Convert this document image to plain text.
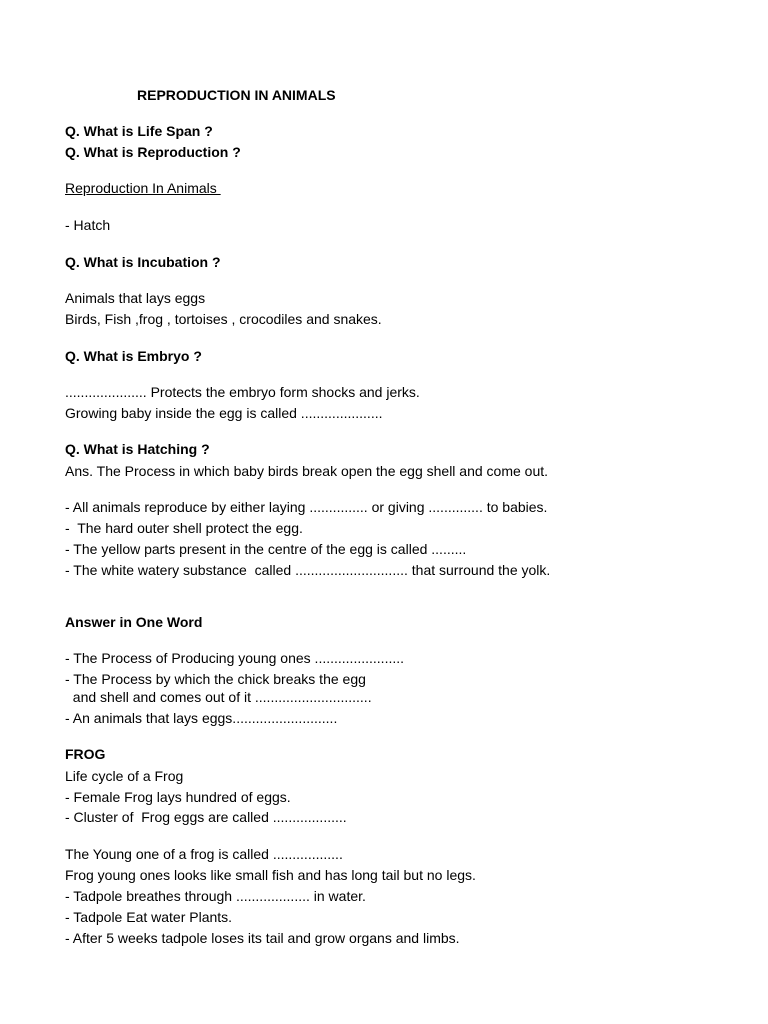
REPRODUCTION IN ANIMALS
Q. What is Life Span ?
Q. What is Reproduction ?
Reproduction In Animals
- Hatch
Q. What is Incubation ?
Animals that lays eggs
Birds, Fish ,frog , tortoises , crocodiles and snakes.
Q. What is Embryo ?
..................... Protects the embryo form shocks and jerks.
Growing baby inside the egg is called .....................
Q. What is Hatching ?
Ans. The Process in which baby birds break open the egg shell and come out.
- All animals reproduce by either laying ............... or giving .............. to babies.
-  The hard outer shell protect the egg.
- The yellow parts present in the centre of the egg is called .........
- The white watery substance  called ............................. that surround the yolk.
Answer in One Word
- The Process of Producing young ones .......................
- The Process by which the chick breaks the egg
and shell and comes out of it ..............................
- An animals that lays eggs...........................
FROG
Life cycle of a Frog
- Female Frog lays hundred of eggs.
- Cluster of  Frog eggs are called ...................
The Young one of a frog is called ..................
Frog young ones looks like small fish and has long tail but no legs.
- Tadpole breathes through ................... in water.
- Tadpole Eat water Plants.
- After 5 weeks tadpole loses its tail and grow organs and limbs.
